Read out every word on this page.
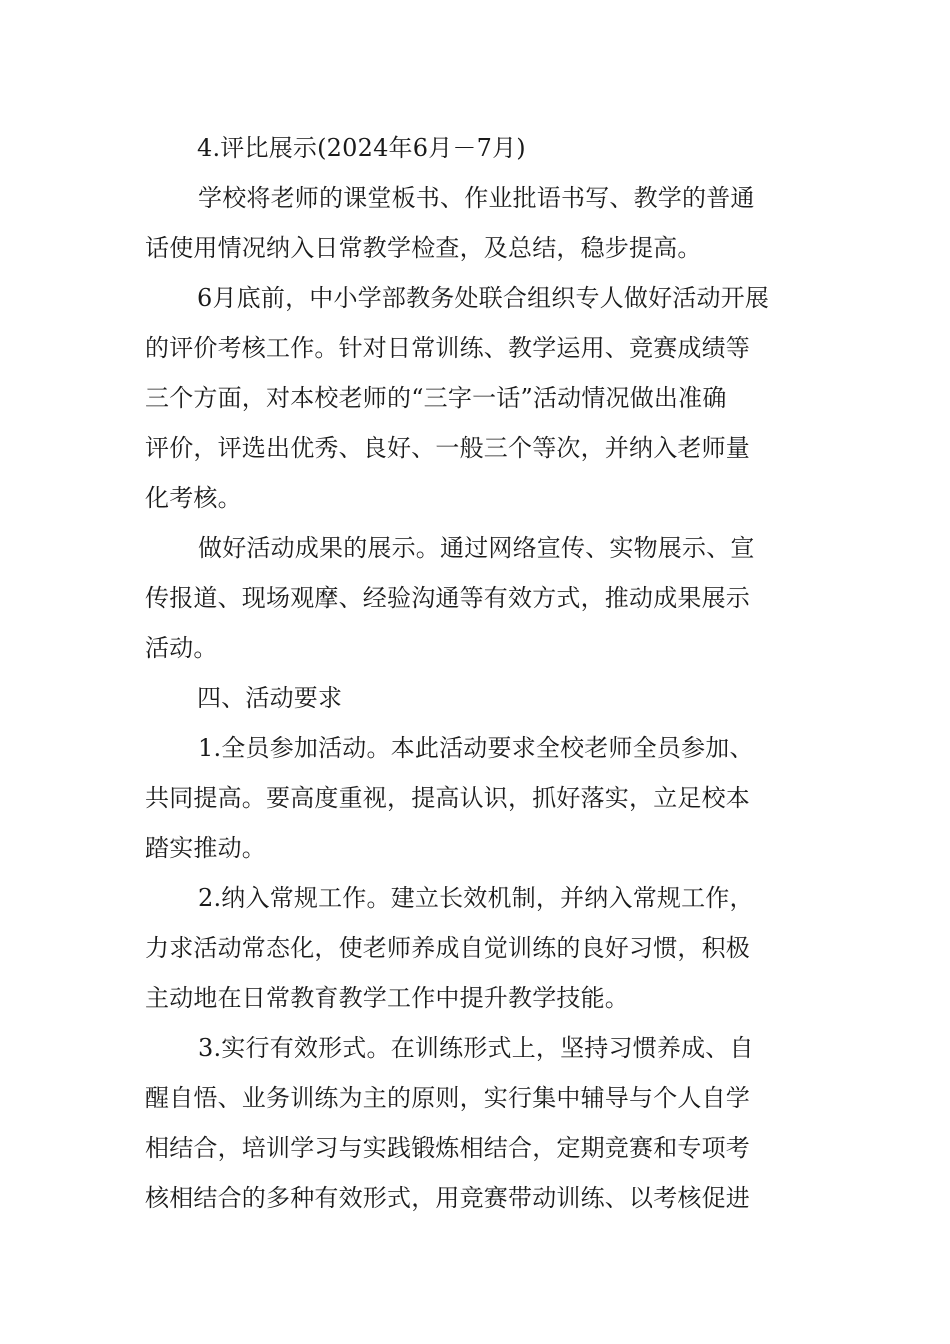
4.评比展示(2024年6月－7月)
学校将老师的课堂板书、作业批语书写、教学的普通
话使用情况纳入日常教学检查，及总结，稳步提高。
6月底前，中小学部教务处联合组织专人做好活动开展
的评价考核工作。针对日常训练、教学运用、竞赛成绩等
三个方面，对本校老师的“三字一话”活动情况做出准确
评价，评选出优秀、良好、一般三个等次，并纳入老师量
化考核。
做好活动成果的展示。通过网络宣传、实物展示、宣
传报道、现场观摩、经验沟通等有效方式，推动成果展示
活动。
四、活动要求
1.全员参加活动。本此活动要求全校老师全员参加、
共同提高。要高度重视，提高认识，抓好落实，立足校本
踏实推动。
2.纳入常规工作。建立长效机制，并纳入常规工作，
力求活动常态化，使老师养成自觉训练的良好习惯，积极
主动地在日常教育教学工作中提升教学技能。
3.实行有效形式。在训练形式上，坚持习惯养成、自
醒自悟、业务训练为主的原则，实行集中辅导与个人自学
相结合，培训学习与实践锻炼相结合，定期竞赛和专项考
核相结合的多种有效形式，用竞赛带动训练、以考核促进
